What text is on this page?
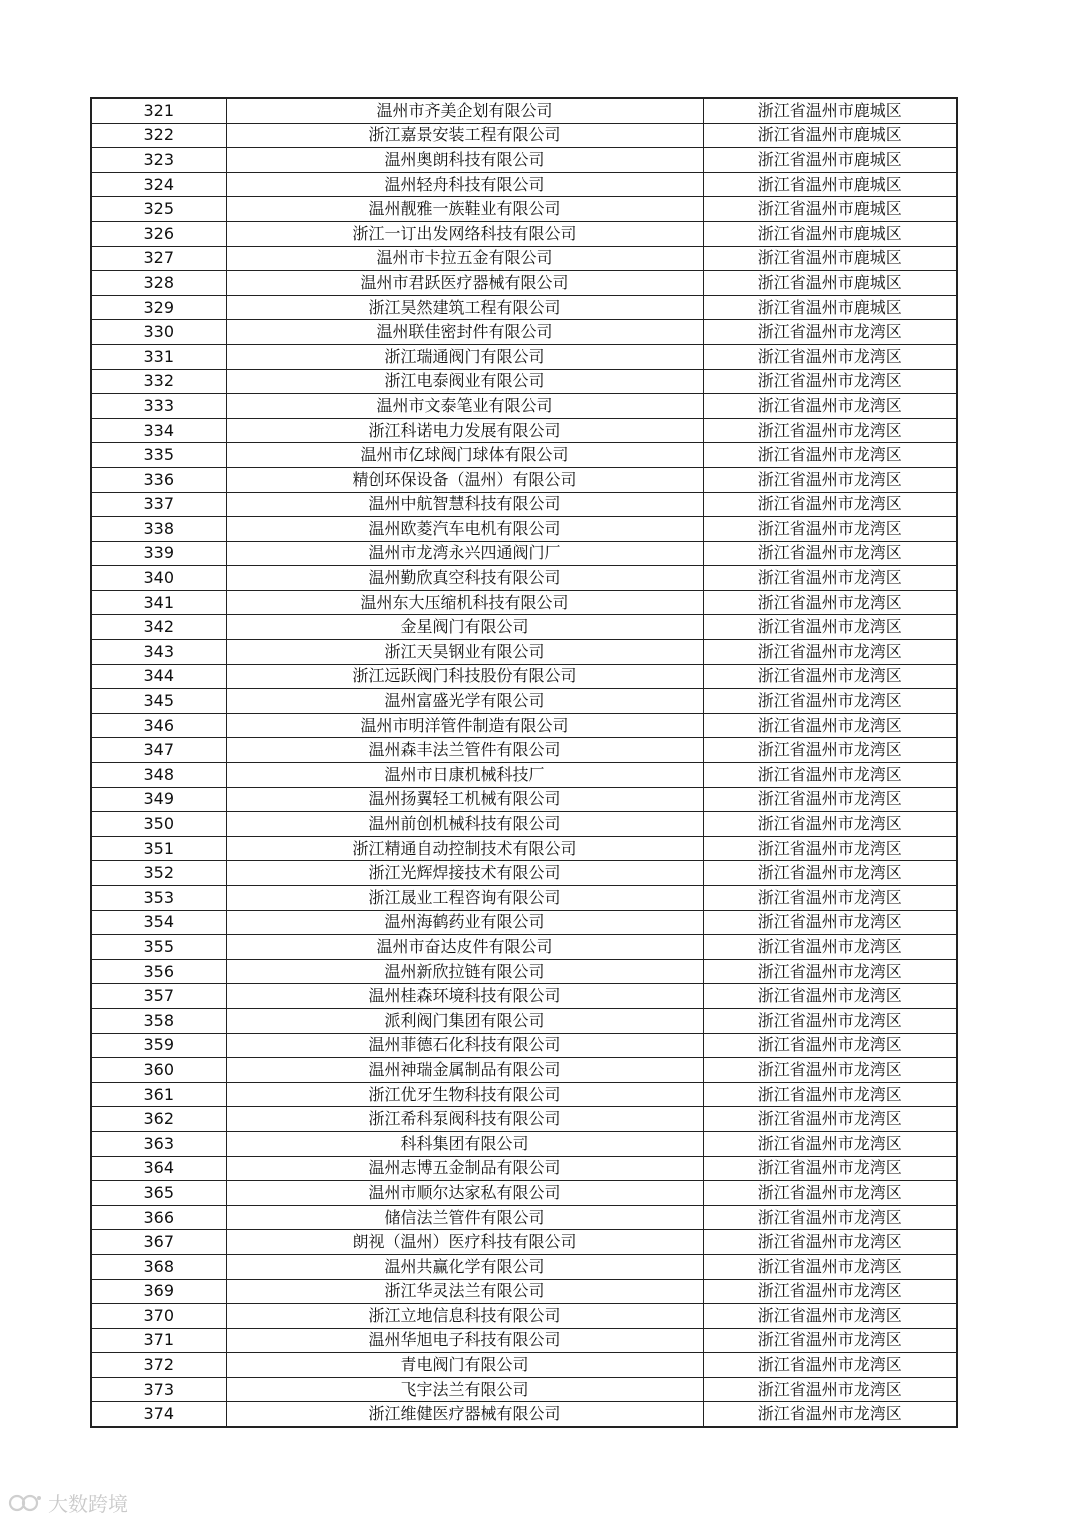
321	温州市齐美企划有限公司	浙江省温州市鹿城区
322	浙江嘉景安装工程有限公司	浙江省温州市鹿城区
323	温州奥朗科技有限公司	浙江省温州市鹿城区
324	温州轻舟科技有限公司	浙江省温州市鹿城区
325	温州靓雅一族鞋业有限公司	浙江省温州市鹿城区
326	浙江一订出发网络科技有限公司	浙江省温州市鹿城区
327	温州市卡拉五金有限公司	浙江省温州市鹿城区
328	温州市君跃医疗器械有限公司	浙江省温州市鹿城区
329	浙江昊然建筑工程有限公司	浙江省温州市鹿城区
330	温州联佳密封件有限公司	浙江省温州市龙湾区
331	浙江瑞通阀门有限公司	浙江省温州市龙湾区
332	浙江电泰阀业有限公司	浙江省温州市龙湾区
333	温州市文泰笔业有限公司	浙江省温州市龙湾区
334	浙江科诺电力发展有限公司	浙江省温州市龙湾区
335	温州市亿球阀门球体有限公司	浙江省温州市龙湾区
336	精创环保设备（温州）有限公司	浙江省温州市龙湾区
337	温州中航智慧科技有限公司	浙江省温州市龙湾区
338	温州欧菱汽车电机有限公司	浙江省温州市龙湾区
339	温州市龙湾永兴四通阀门厂	浙江省温州市龙湾区
340	温州勤欣真空科技有限公司	浙江省温州市龙湾区
341	温州东大压缩机科技有限公司	浙江省温州市龙湾区
342	金星阀门有限公司	浙江省温州市龙湾区
343	浙江天昊钢业有限公司	浙江省温州市龙湾区
344	浙江远跃阀门科技股份有限公司	浙江省温州市龙湾区
345	温州富盛光学有限公司	浙江省温州市龙湾区
346	温州市明洋管件制造有限公司	浙江省温州市龙湾区
347	温州森丰法兰管件有限公司	浙江省温州市龙湾区
348	温州市日康机械科技厂	浙江省温州市龙湾区
349	温州扬翼轻工机械有限公司	浙江省温州市龙湾区
350	温州前创机械科技有限公司	浙江省温州市龙湾区
351	浙江精通自动控制技术有限公司	浙江省温州市龙湾区
352	浙江光辉焊接技术有限公司	浙江省温州市龙湾区
353	浙江晟业工程咨询有限公司	浙江省温州市龙湾区
354	温州海鹤药业有限公司	浙江省温州市龙湾区
355	温州市奋达皮件有限公司	浙江省温州市龙湾区
356	温州新欣拉链有限公司	浙江省温州市龙湾区
357	温州桂森环境科技有限公司	浙江省温州市龙湾区
358	派利阀门集团有限公司	浙江省温州市龙湾区
359	温州菲德石化科技有限公司	浙江省温州市龙湾区
360	温州神瑞金属制品有限公司	浙江省温州市龙湾区
361	浙江优牙生物科技有限公司	浙江省温州市龙湾区
362	浙江希科泵阀科技有限公司	浙江省温州市龙湾区
363	科科集团有限公司	浙江省温州市龙湾区
364	温州志博五金制品有限公司	浙江省温州市龙湾区
365	温州市顺尔达家私有限公司	浙江省温州市龙湾区
366	储信法兰管件有限公司	浙江省温州市龙湾区
367	朗视（温州）医疗科技有限公司	浙江省温州市龙湾区
368	温州共赢化学有限公司	浙江省温州市龙湾区
369	浙江华灵法兰有限公司	浙江省温州市龙湾区
370	浙江立地信息科技有限公司	浙江省温州市龙湾区
371	温州华旭电子科技有限公司	浙江省温州市龙湾区
372	青电阀门有限公司	浙江省温州市龙湾区
373	飞宇法兰有限公司	浙江省温州市龙湾区
374	浙江维健医疗器械有限公司	浙江省温州市龙湾区
大数跨境
